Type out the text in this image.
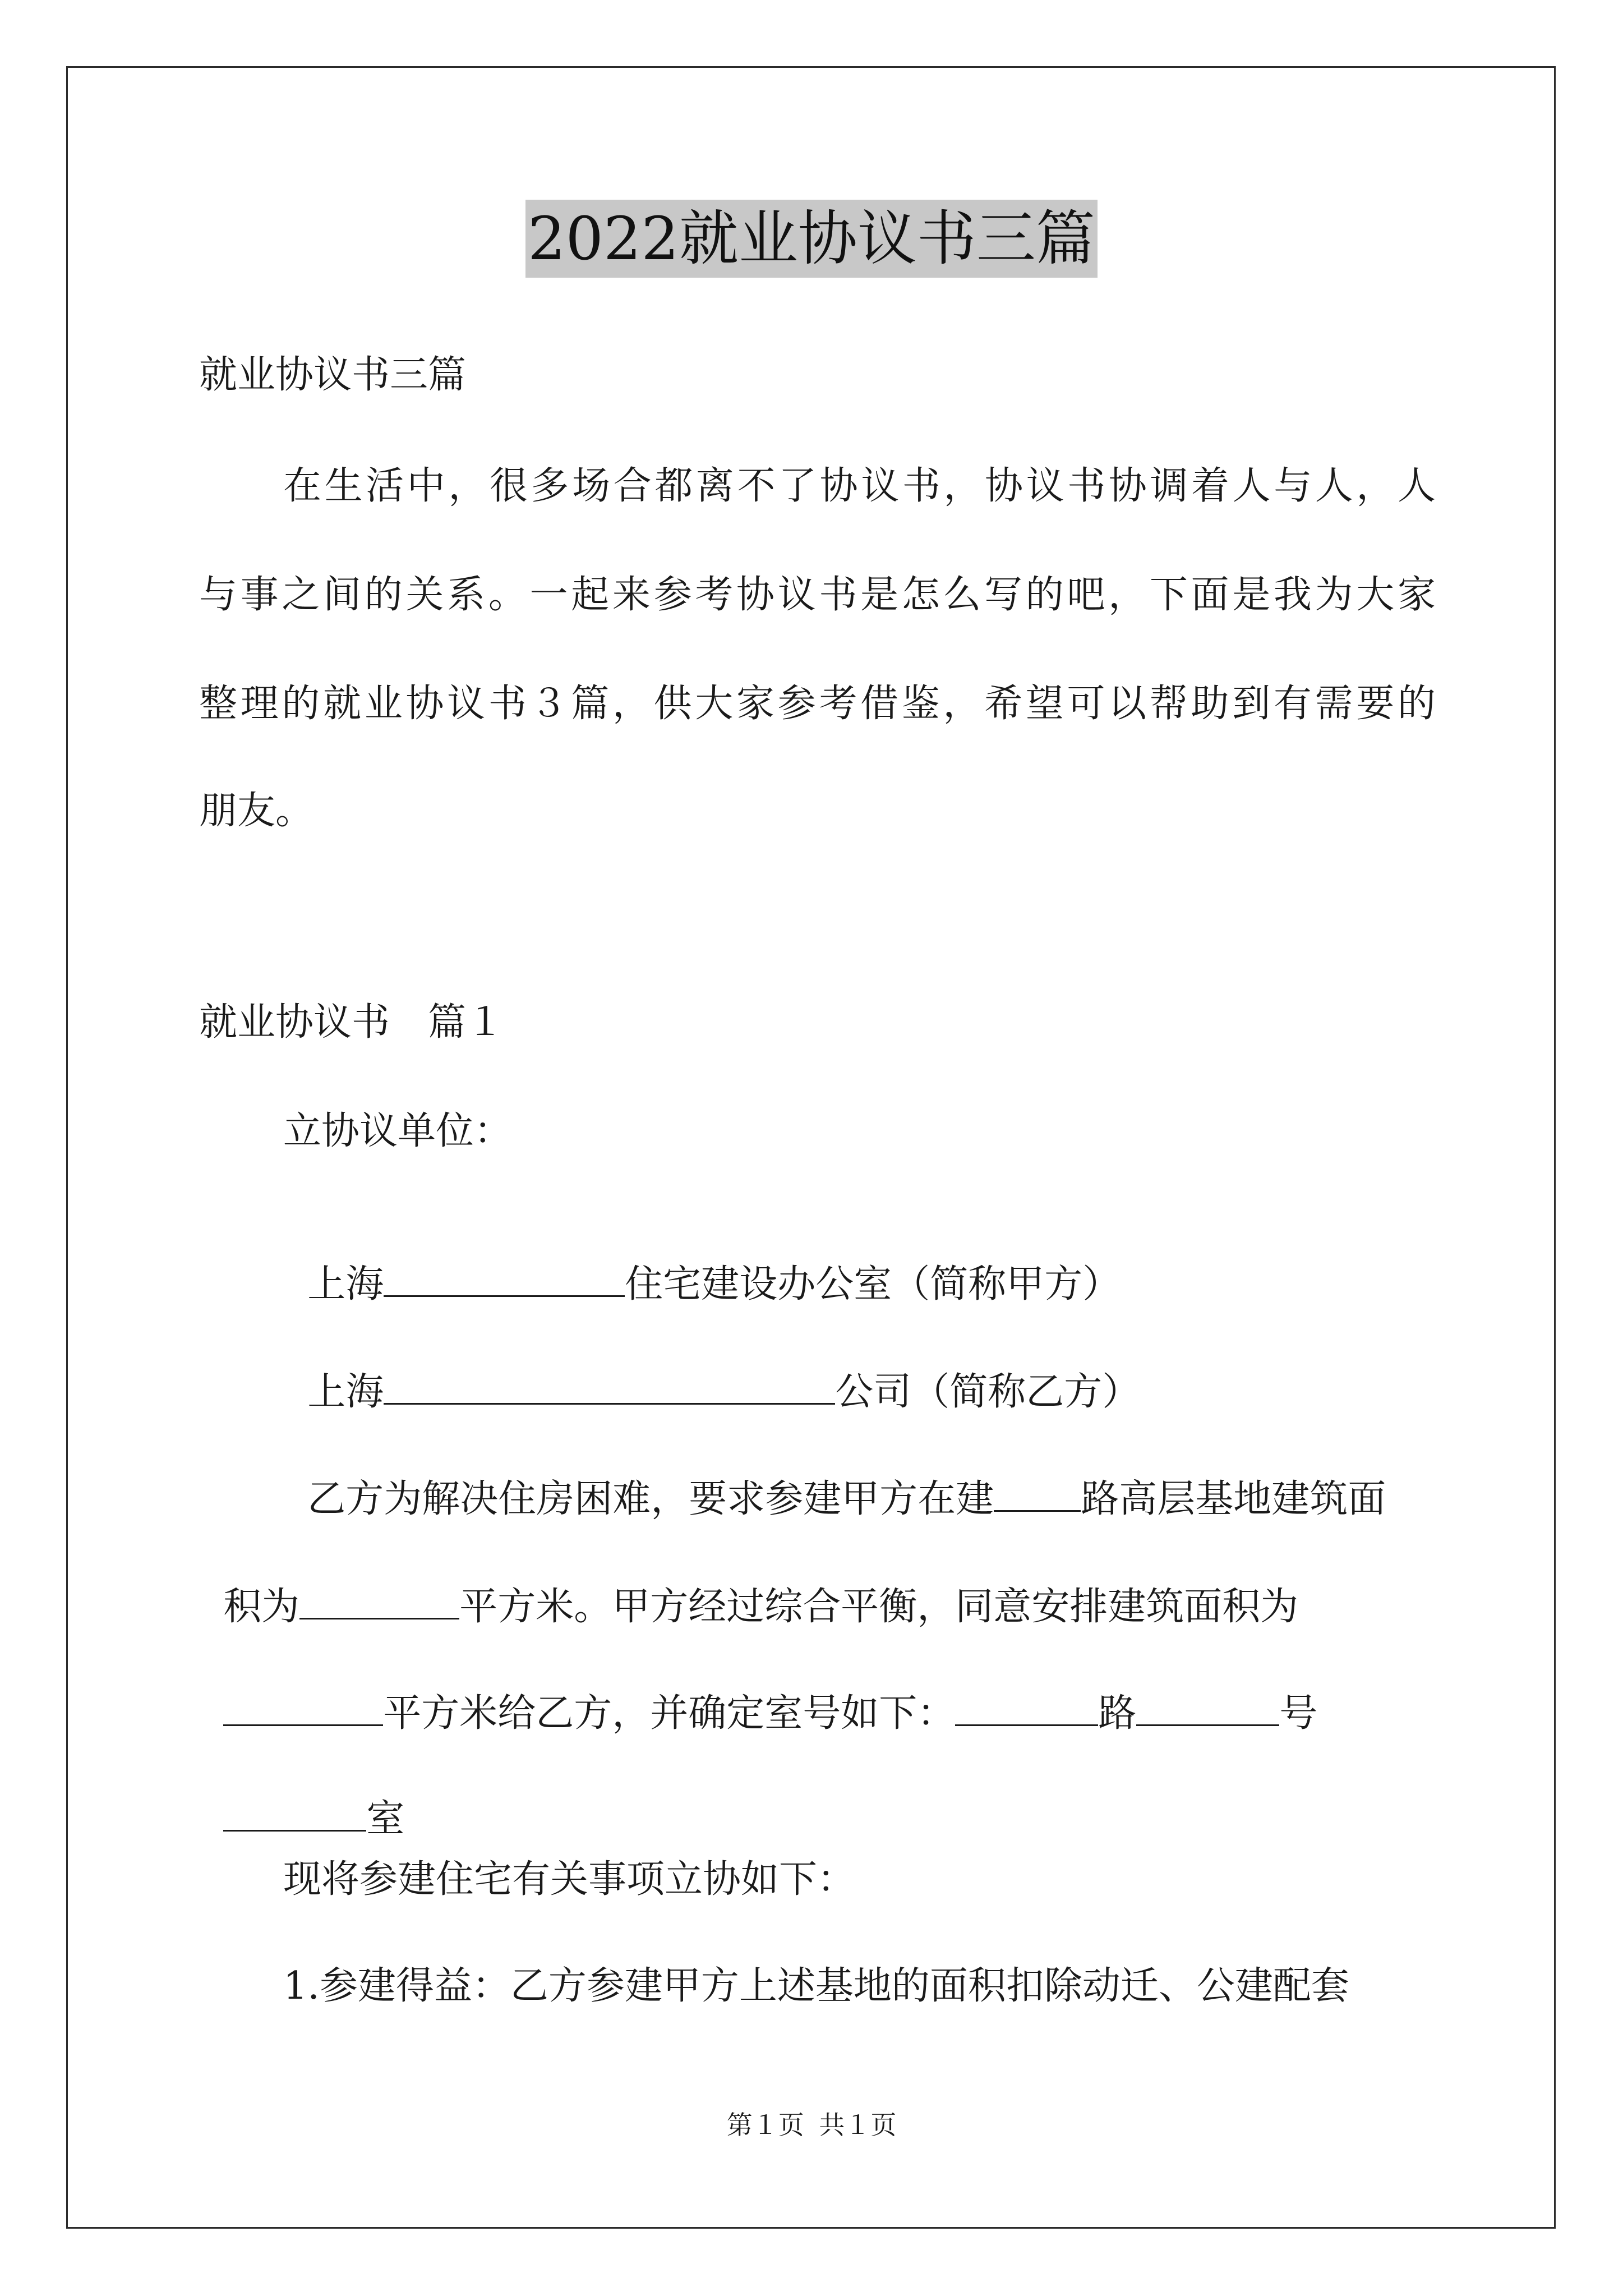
2022就业协议书三篇
就业协议书三篇
在生活中，很多场合都离不了协议书，协议书协调着人与人，人
与事之间的关系。一起来参考协议书是怎么写的吧，下面是我为大家
整理的就业协议书３篇，供大家参考借鉴，希望可以帮助到有需要的
朋友。
就业协议书　篇１
立协议单位：

上海	住宅建设办公室（简称甲方）

上海	公司（简称乙方）

乙方为解决住房困难，要求参建甲方在建 路高层基地建筑面

积为	平方米。甲方经过综合平衡，同意安排建筑面积为

平方米给乙方，并确定室号如下：	路	号

室

现将参建住宅有关事项立协如下：
1.参建得益：乙方参建甲方上述基地的面积扣除动迁、公建配套
第１页 共１页
